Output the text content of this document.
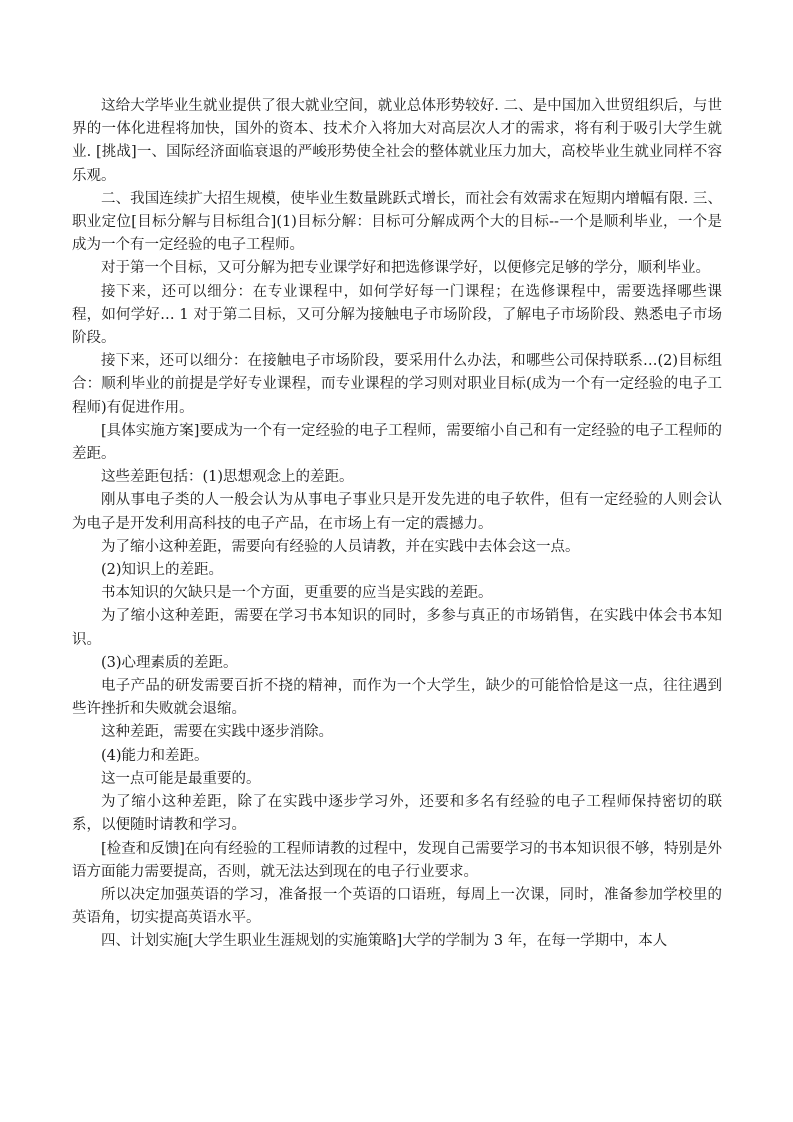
这给大学毕业生就业提供了很大就业空间，就业总体形势较好. 二、是中国加入世贸组织后，与世界的一体化进程将加快，国外的资本、技术介入将加大对高层次人才的需求，将有利于吸引大学生就业. [挑战]一、国际经济面临衰退的严峻形势使全社会的整体就业压力加大，高校毕业生就业同样不容乐观。

二、我国连续扩大招生规模，使毕业生数量跳跃式增长，而社会有效需求在短期内增幅有限. 三、职业定位[目标分解与目标组合](1)目标分解：目标可分解成两个大的目标--一个是顺利毕业，一个是成为一个有一定经验的电子工程师。

对于第一个目标，又可分解为把专业课学好和把选修课学好，以便修完足够的学分，顺利毕业。

接下来，还可以细分：在专业课程中，如何学好每一门课程；在选修课程中，需要选择哪些课程，如何学好… 1 对于第二目标，又可分解为接触电子市场阶段，了解电子市场阶段、熟悉电子市场阶段。

接下来，还可以细分：在接触电子市场阶段，要采用什么办法，和哪些公司保持联系…(2)目标组合：顺利毕业的前提是学好专业课程，而专业课程的学习则对职业目标(成为一个有一定经验的电子工程师)有促进作用。

[具体实施方案]要成为一个有一定经验的电子工程师，需要缩小自己和有一定经验的电子工程师的差距。

这些差距包括：(1)思想观念上的差距。

刚从事电子类的人一般会认为从事电子事业只是开发先进的电子软件，但有一定经验的人则会认为电子是开发利用高科技的电子产品，在市场上有一定的震撼力。

为了缩小这种差距，需要向有经验的人员请教，并在实践中去体会这一点。

(2)知识上的差距。

书本知识的欠缺只是一个方面，更重要的应当是实践的差距。

为了缩小这种差距，需要在学习书本知识的同时，多参与真正的市场销售，在实践中体会书本知识。

(3)心理素质的差距。

电子产品的研发需要百折不挠的精神，而作为一个大学生，缺少的可能恰恰是这一点，往往遇到些许挫折和失败就会退缩。

这种差距，需要在实践中逐步消除。

(4)能力和差距。

这一点可能是最重要的。

为了缩小这种差距，除了在实践中逐步学习外，还要和多名有经验的电子工程师保持密切的联系，以便随时请教和学习。

[检查和反馈]在向有经验的工程师请教的过程中，发现自己需要学习的书本知识很不够，特别是外语方面能力需要提高，否则，就无法达到现在的电子行业要求。

所以决定加强英语的学习，准备报一个英语的口语班，每周上一次课，同时，准备参加学校里的英语角，切实提高英语水平。

四、计划实施[大学生职业生涯规划的实施策略]大学的学制为 3 年，在每一学期中，本人
